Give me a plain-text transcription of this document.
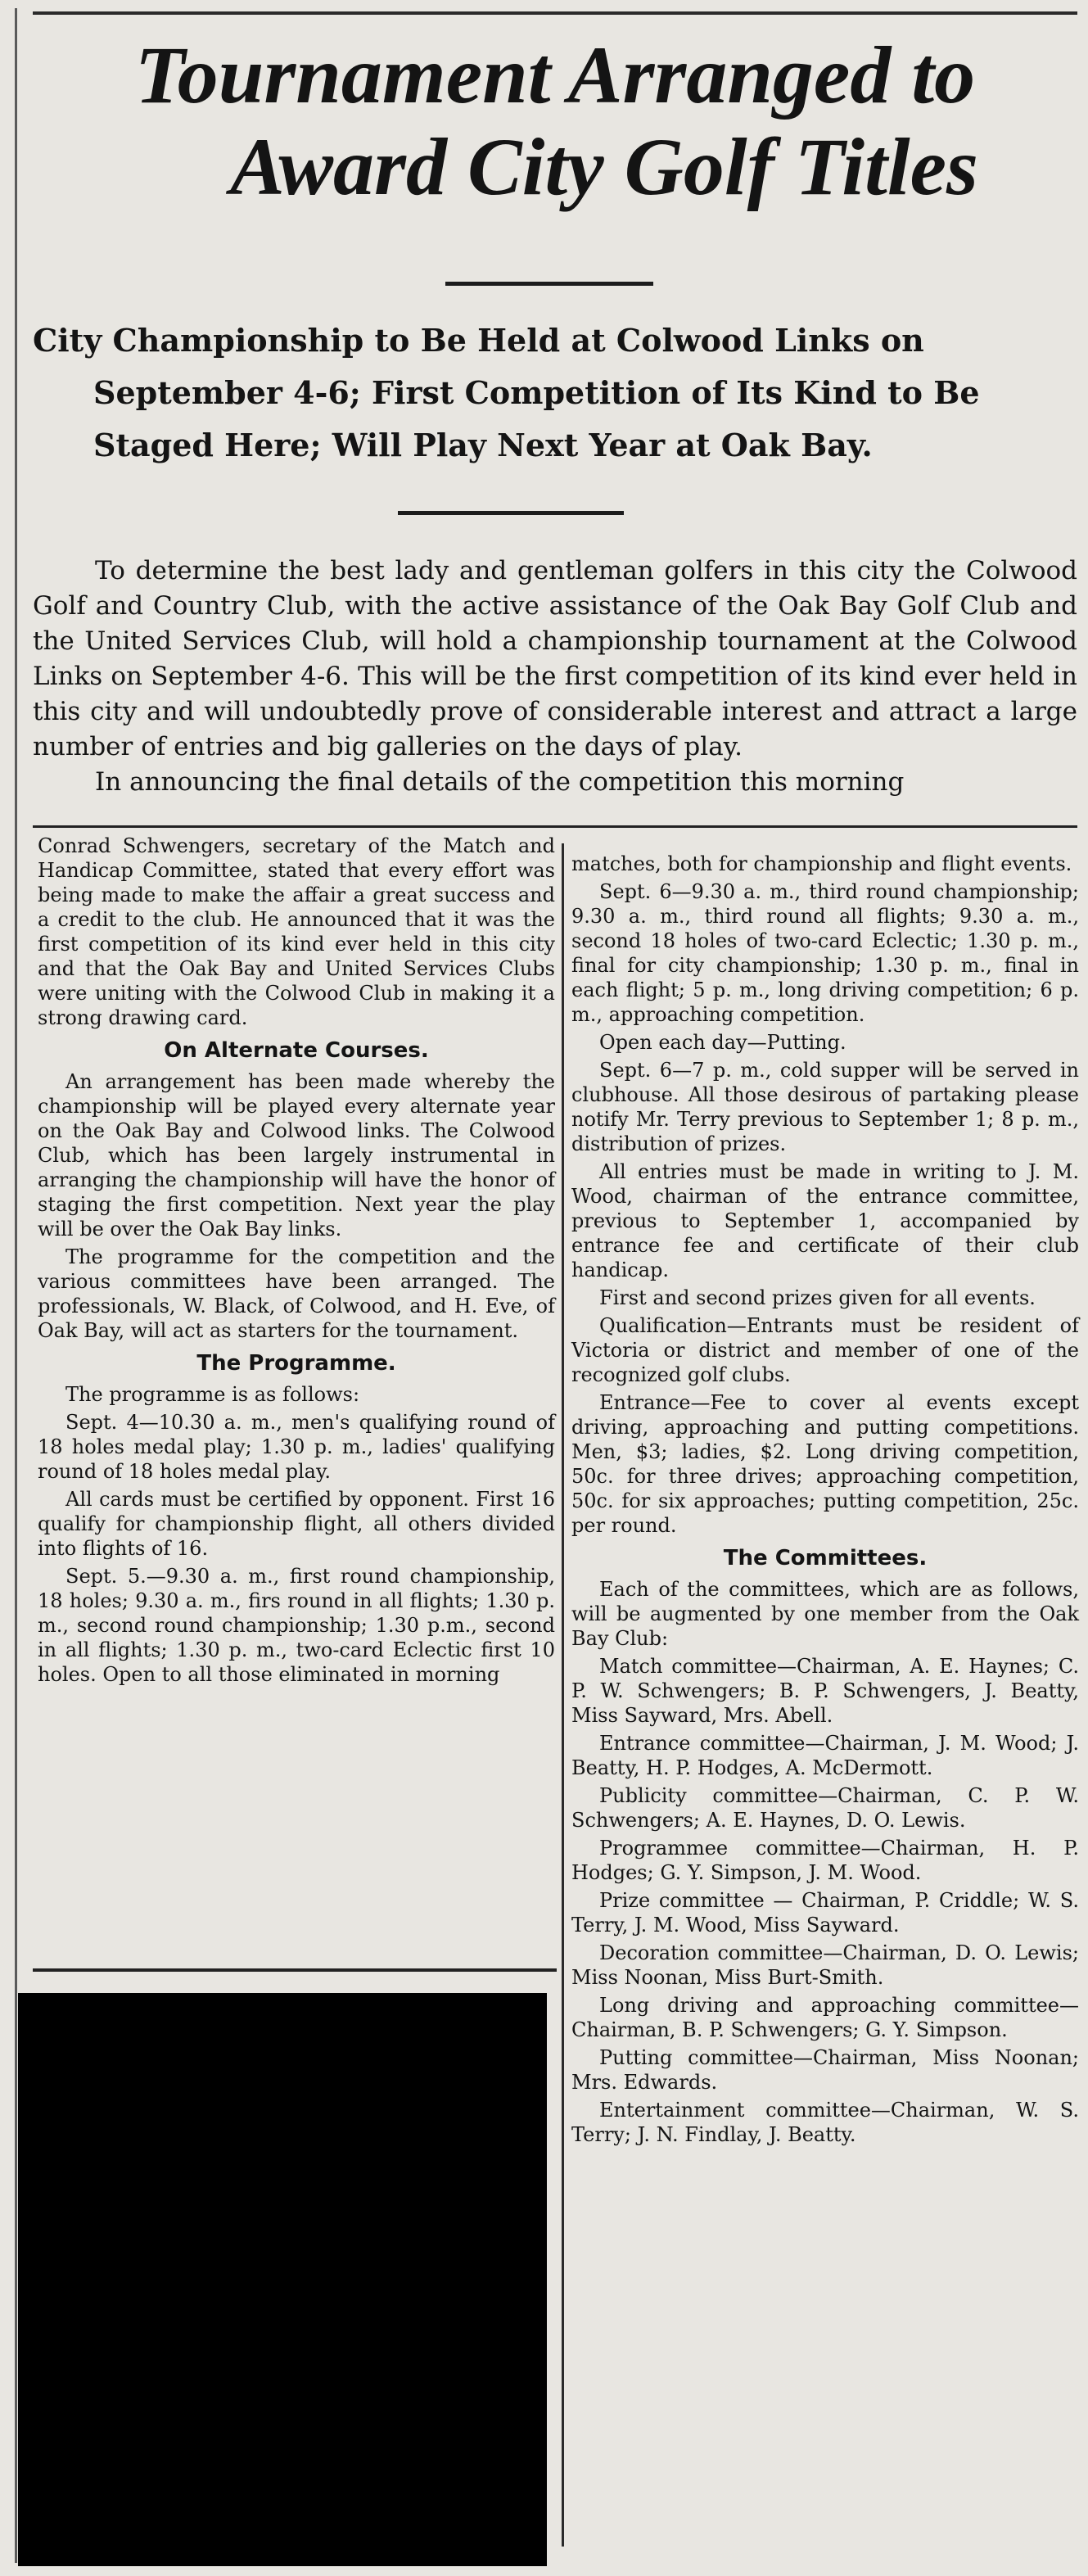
Tournament Arranged to
Award City Golf Titles
City Championship to Be Held at Colwood Links on
September 4-6; First Competition of Its Kind to Be
Staged Here; Will Play Next Year at Oak Bay.

To determine the best lady and gentleman golfers in this city the Colwood Golf and Country Club, with the active assistance of the Oak Bay Golf Club and the United Services Club, will hold a championship tournament at the Colwood Links on September 4-6. This will be the first competition of its kind ever held in this city and will undoubtedly prove of considerable interest and attract a large number of entries and big galleries on the days of play.

In announcing the final details of the competition this morning

Conrad Schwengers, secretary of the Match and Handicap Committee, stated that every effort was being made to make the affair a great success and a credit to the club. He announced that it was the first competition of its kind ever held in this city and that the Oak Bay and United Services Clubs were uniting with the Colwood Club in making it a strong drawing card.

On Alternate Courses.

An arrangement has been made whereby the championship will be played every alternate year on the Oak Bay and Colwood links. The Colwood Club, which has been largely instrumental in arranging the championship will have the honor of staging the first competition. Next year the play will be over the Oak Bay links.

The programme for the competition and the various committees have been arranged. The professionals, W. Black, of Colwood, and H. Eve, of Oak Bay, will act as starters for the tournament.

The Programme.

The programme is as follows:

Sept. 4—10.30 a. m., men's qualifying round of 18 holes medal play; 1.30 p. m., ladies' qualifying round of 18 holes medal play.

All cards must be certified by opponent. First 16 qualify for championship flight, all others divided into flights of 16.

Sept. 5.—9.30 a. m., first round championship, 18 holes; 9.30 a. m., firs round in all flights; 1.30 p. m., second round championship; 1.30 p.m., second in all flights; 1.30 p. m., two-card Eclectic first 10 holes. Open to all those eliminated in morning

matches, both for championship and flight events.

Sept. 6—9.30 a. m., third round championship; 9.30 a. m., third round all flights; 9.30 a. m., second 18 holes of two-card Eclectic; 1.30 p. m., final for city championship; 1.30 p. m., final in each flight; 5 p. m., long driving competition; 6 p. m., approaching competition.

Open each day—Putting.

Sept. 6—7 p. m., cold supper will be served in clubhouse. All those desirous of partaking please notify Mr. Terry previous to September 1; 8 p. m., distribution of prizes.

All entries must be made in writing to J. M. Wood, chairman of the entrance committee, previous to September 1, accompanied by entrance fee and certificate of their club handicap.

First and second prizes given for all events.

Qualification—Entrants must be resident of Victoria or district and member of one of the recognized golf clubs.

Entrance—Fee to cover al events except driving, approaching and putting competitions. Men, $3; ladies, $2. Long driving competition, 50c. for three drives; approaching competition, 50c. for six approaches; putting competition, 25c. per round.

The Committees.

Each of the committees, which are as follows, will be augmented by one member from the Oak Bay Club:

Match committee—Chairman, A. E. Haynes; C. P. W. Schwengers; B. P. Schwengers, J. Beatty, Miss Sayward, Mrs. Abell.

Entrance committee—Chairman, J. M. Wood; J. Beatty, H. P. Hodges, A. McDermott.

Publicity committee—Chairman, C. P. W. Schwengers; A. E. Haynes, D. O. Lewis.

Programmee committee—Chairman, H. P. Hodges; G. Y. Simpson, J. M. Wood.

Prize committee — Chairman, P. Criddle; W. S. Terry, J. M. Wood, Miss Sayward.

Decoration committee—Chairman, D. O. Lewis; Miss Noonan, Miss Burt-Smith.

Long driving and approaching committee—Chairman, B. P. Schwengers; G. Y. Simpson.

Putting committee—Chairman, Miss Noonan; Mrs. Edwards.

Entertainment committee—Chairman, W. S. Terry; J. N. Findlay, J. Beatty.
